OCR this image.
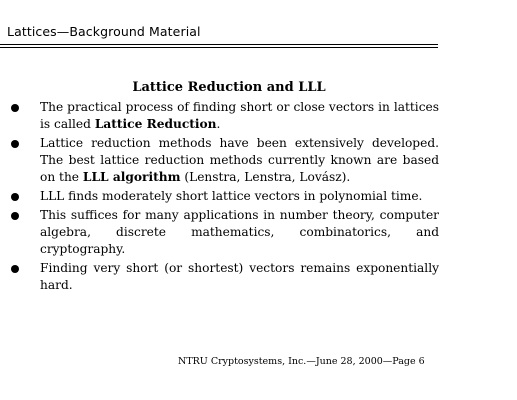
Lattices—Background Material
Lattice Reduction and LLL
The practical process of finding short or close vectors in lattices is called Lattice Reduction.
Lattice reduction methods have been extensively developed. The best lattice reduction methods currently known are based on the LLL algorithm (Lenstra, Lenstra, Lovász).
LLL finds moderately short lattice vectors in polynomial time.
This suffices for many applications in number theory, computer algebra, discrete mathematics, combinatorics, and cryptography.
Finding very short (or shortest) vectors remains exponentially hard.
NTRU Cryptosystems, Inc.—June 28, 2000—Page 6
